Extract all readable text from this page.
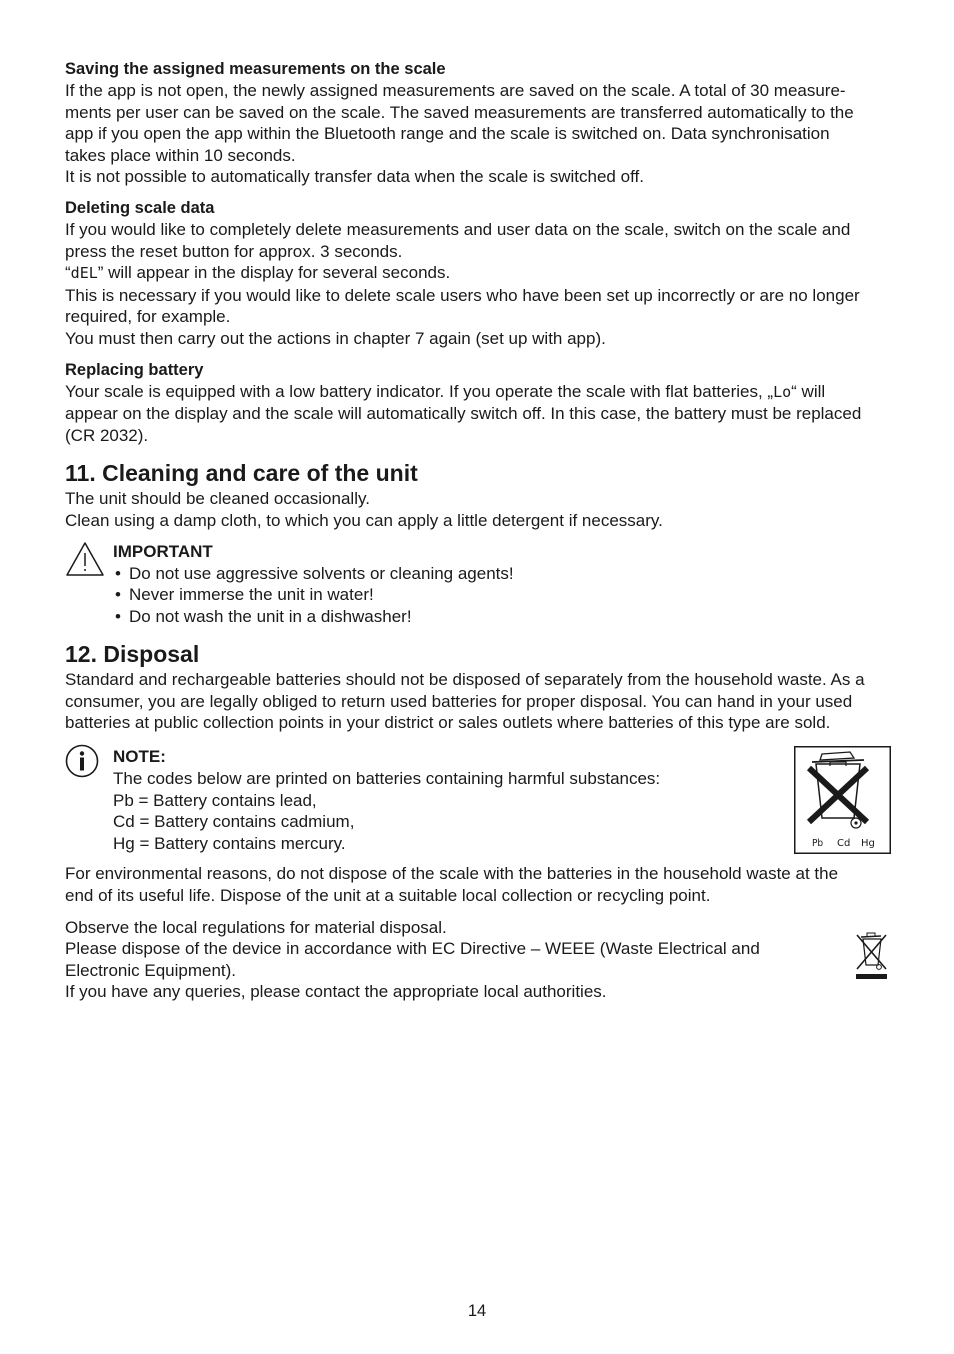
Saving the assigned measurements on the scale

If the app is not open, the newly assigned measurements are saved on the scale. A total of 30 measure-

ments per user can be saved on the scale. The saved measurements are transferred automatically to the

app if you open the app within the Bluetooth range and the scale is switched on. Data synchronisation

takes place within 10 seconds.

It is not possible to automatically transfer data when the scale is switched off.

Deleting scale data

If you would like to completely delete measurements and user data on the scale, switch on the scale and

press the reset button for approx. 3 seconds.

“dEL” will appear in the display for several seconds.

This is necessary if you would like to delete scale users who have been set up incorrectly or are no longer

required, for example.

You must then carry out the actions in chapter 7 again (set up with app).

Replacing battery

Your scale is equipped with a low battery indicator. If you operate the scale with flat batteries, „Lo“ will

appear on the display and the scale will automatically switch off. In this case, the battery must be replaced

(CR 2032).

11. Cleaning and care of the unit

The unit should be cleaned occasionally.

Clean using a damp cloth, to which you can apply a little detergent if necessary.

IMPORTANT

• Do not use aggressive solvents or cleaning agents!
• Never immerse the unit in water!
• Do not wash the unit in a dishwasher!

12. Disposal

Standard and rechargeable batteries should not be disposed of separately from the household waste. As a

consumer, you are legally obliged to return used batteries for proper disposal. You can hand in your used

batteries at public collection points in your district or sales outlets where batteries of this type are sold.

NOTE:

The codes below are printed on batteries containing harmful substances:

Pb = Battery contains lead,

Cd = Battery contains cadmium,

Hg = Battery contains mercury.	Pb Cd Hg

For environmental reasons, do not dispose of the scale with the batteries in the household waste at the

end of its useful life. Dispose of the unit at a suitable local collection or recycling point.

Observe the local regulations for material disposal.

Please dispose of the device in accordance with EC Directive – WEEE (Waste Electrical and

Electronic Equipment).

If you have any queries, please contact the appropriate local authorities.

14
